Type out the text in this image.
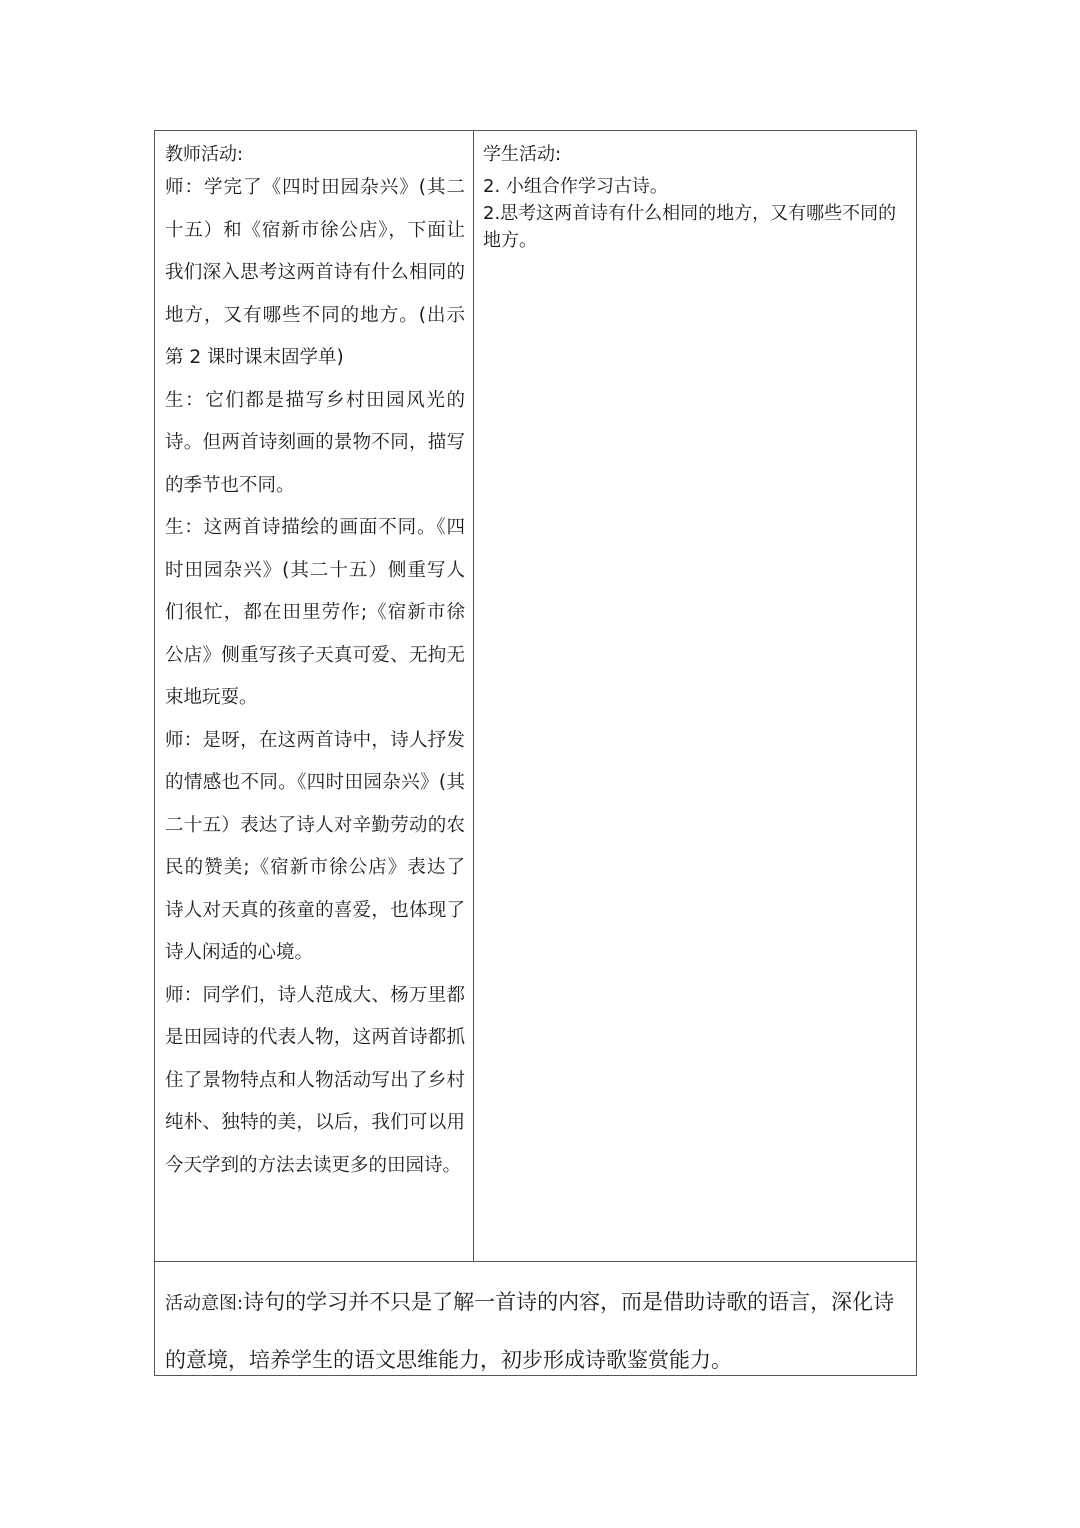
教师活动:

师：学完了《四时田园杂兴》(其二十五）和《宿新市徐公店》，下面让我们深入思考这两首诗有什么相同的地方，又有哪些不同的地方。(出示第 2 课时课末固学单)

生：它们都是描写乡村田园风光的诗。但两首诗刻画的景物不同，描写的季节也不同。

生：这两首诗描绘的画面不同。《四时田园杂兴》(其二十五）侧重写人们很忙，都在田里劳作;《宿新市徐公店》侧重写孩子天真可爱、无拘无束地玩耍。

师：是呀，在这两首诗中，诗人抒发的情感也不同。《四时田园杂兴》(其二十五）表达了诗人对辛勤劳动的农民的赞美;《宿新市徐公店》表达了诗人对天真的孩童的喜爱，也体现了诗人闲适的心境。

师：同学们，诗人范成大、杨万里都是田园诗的代表人物，这两首诗都抓住了景物特点和人物活动写出了乡村纯朴、独特的美，以后，我们可以用今天学到的方法去读更多的田园诗。

学生活动:

2. 小组合作学习古诗。

2.思考这两首诗有什么相同的地方，又有哪些不同的地方。

活动意图:诗句的学习并不只是了解一首诗的内容，而是借助诗歌的语言，深化诗的意境，培养学生的语文思维能力，初步形成诗歌鉴赏能力。
